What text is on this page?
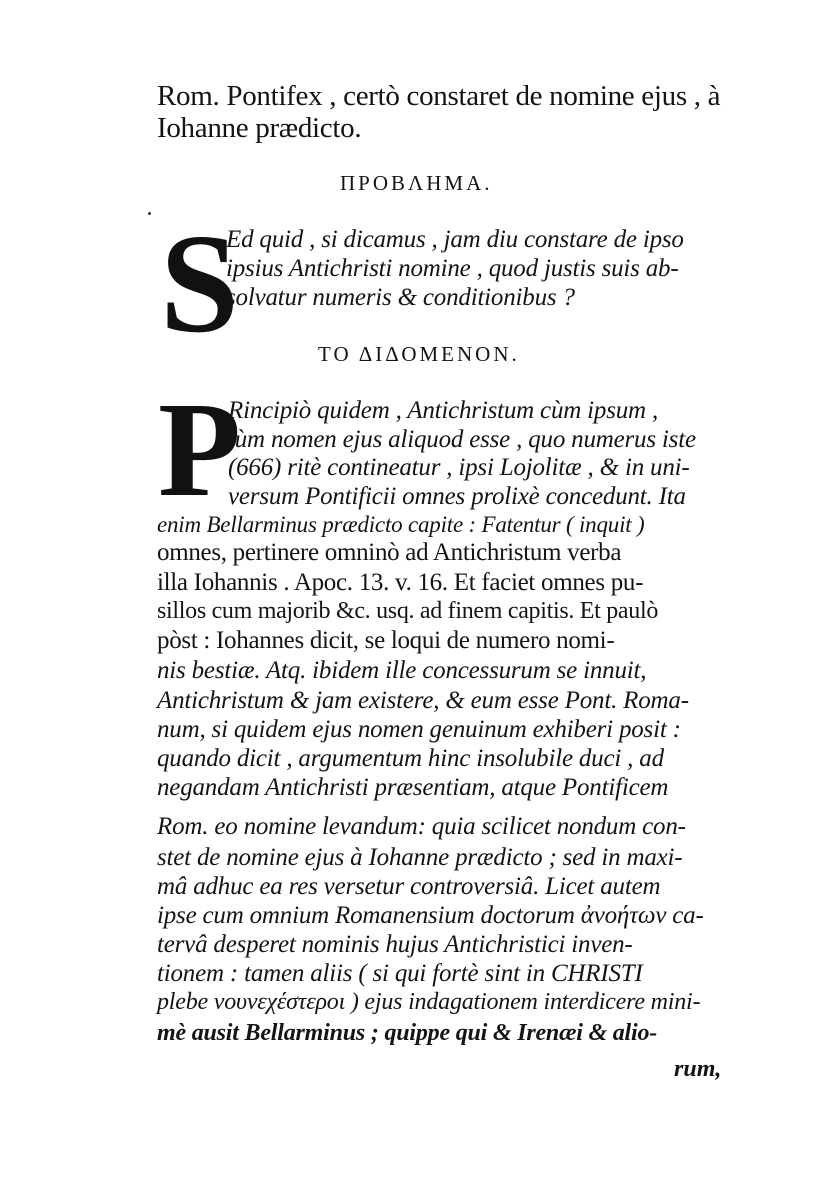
Rom. Pontifex , certò constaret de nomine ejus , à
Iohanne prædicto.
ΠΡΟΒΛΗΜΑ.
S
Ed quid , si dicamus , jam diu constare de ipso
ipsius Antichristi nomine , quod justis suis ab-
solvatur numeris & conditionibus ?
ΤΟ ΔΙΔΟΜΕΝΟΝ.
P
Rincipiò quidem , Antichristum cùm ipsum ,
tùm nomen ejus aliquod esse , quo numerus iste
(666) ritè contineatur , ipsi Lojolitæ , & in uni-
versum Pontificii omnes prolixè concedunt. Ita
enim Bellarminus prædicto capite : Fatentur ( inquit )
omnes, pertinere omninò ad Antichristum verba
illa Iohannis . Apoc. 13. v. 16. Et faciet omnes pu-
sillos cum majorib &c. usq. ad finem capitis. Et paulò
pòst : Iohannes dicit, se loqui de numero nomi-
nis bestiæ. Atq. ibidem ille concessurum se innuit,
Antichristum & jam existere, & eum esse Pont. Roma-
num, si quidem ejus nomen genuinum exhiberi posit :
quando dicit , argumentum hinc insolubile duci , ad
negandam Antichristi præsentiam, atque Pontificem
Rom. eo nomine levandum: quia scilicet nondum con-
stet de nomine ejus à Iohanne prædicto ; sed in maxi-
mâ adhuc ea res versetur controversiâ. Licet autem
ipse cum omnium Romanensium doctorum ἀνοήτων ca-
tervâ desperet nominis hujus Antichristici inven-
tionem : tamen aliis ( si qui fortè sint in CHRISTI
plebe νουνεχέστεροι ) ejus indagationem interdicere mini-
mè ausit Bellarminus ; quippe qui & Irenæi & alio-
rum,
